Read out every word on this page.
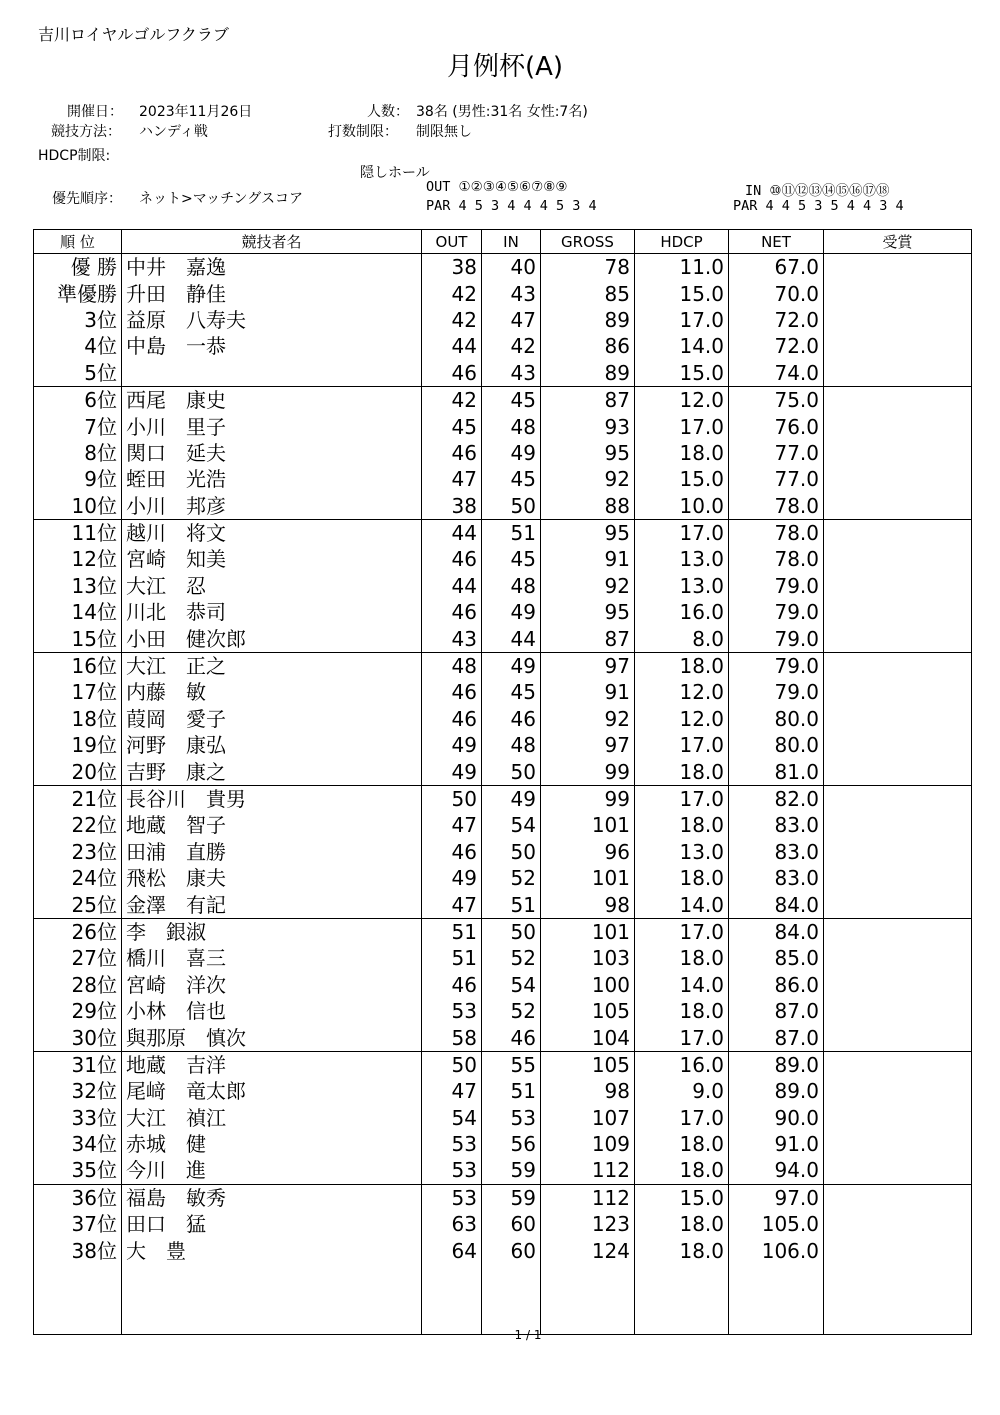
吉川ロイヤルゴルフクラブ
月例杯(A)
開催日： 2023年11月26日
競技方法： ハンディ戦
HDCP制限:
優先順序： ネット>マッチングスコア
人数： 38名 (男性:31名 女性:7名)
打数制限： 制限無し
隠しホール
OUT ①②③④⑤⑥⑦⑧⑨
PAR 4 5 3 4 4 4 5 3 4
IN ⑩⑪⑫⑬⑭⑮⑯⑰⑱
PAR 4 4 5 3 5 4 4 3 4
順 位	競技者名	OUT	IN	GROSS	HDCP	NET	受賞
優 勝	中井　嘉逸	38	40	78	11.0	67.0	
準優勝	升田　静佳	42	43	85	15.0	70.0	
3位	益原　八寿夫	42	47	89	17.0	72.0	
4位	中島　一恭	44	42	86	14.0	72.0	
5位		46	43	89	15.0	74.0	
6位	西尾　康史	42	45	87	12.0	75.0	
7位	小川　里子	45	48	93	17.0	76.0	
8位	関口　延夫	46	49	95	18.0	77.0	
9位	蛭田　光浩	47	45	92	15.0	77.0	
10位	小川　邦彦	38	50	88	10.0	78.0	
11位	越川　将文	44	51	95	17.0	78.0	
12位	宮崎　知美	46	45	91	13.0	78.0	
13位	大江　忍	44	48	92	13.0	79.0	
14位	川北　恭司	46	49	95	16.0	79.0	
15位	小田　健次郎	43	44	87	8.0	79.0	
16位	大江　正之	48	49	97	18.0	79.0	
17位	内藤　敏	46	45	91	12.0	79.0	
18位	葭岡　愛子	46	46	92	12.0	80.0	
19位	河野　康弘	49	48	97	17.0	80.0	
20位	吉野　康之	49	50	99	18.0	81.0	
21位	長谷川　貴男	50	49	99	17.0	82.0	
22位	地蔵　智子	47	54	101	18.0	83.0	
23位	田浦　直勝	46	50	96	13.0	83.0	
24位	飛松　康夫	49	52	101	18.0	83.0	
25位	金澤　有記	47	51	98	14.0	84.0	
26位	李　銀淑	51	50	101	17.0	84.0	
27位	橋川　喜三	51	52	103	18.0	85.0	
28位	宮崎　洋次	46	54	100	14.0	86.0	
29位	小林　信也	53	52	105	18.0	87.0	
30位	與那原　慎次	58	46	104	17.0	87.0	
31位	地蔵　吉洋	50	55	105	16.0	89.0	
32位	尾﨑　竜太郎	47	51	98	9.0	89.0	
33位	大江　禎江	54	53	107	17.0	90.0	
34位	赤城　健	53	56	109	18.0	91.0	
35位	今川　進	53	59	112	18.0	94.0	
36位	福島　敏秀	53	59	112	15.0	97.0	
37位	田口　猛	63	60	123	18.0	105.0	
38位	大　豊	64	60	124	18.0	106.0	

1 / 1
